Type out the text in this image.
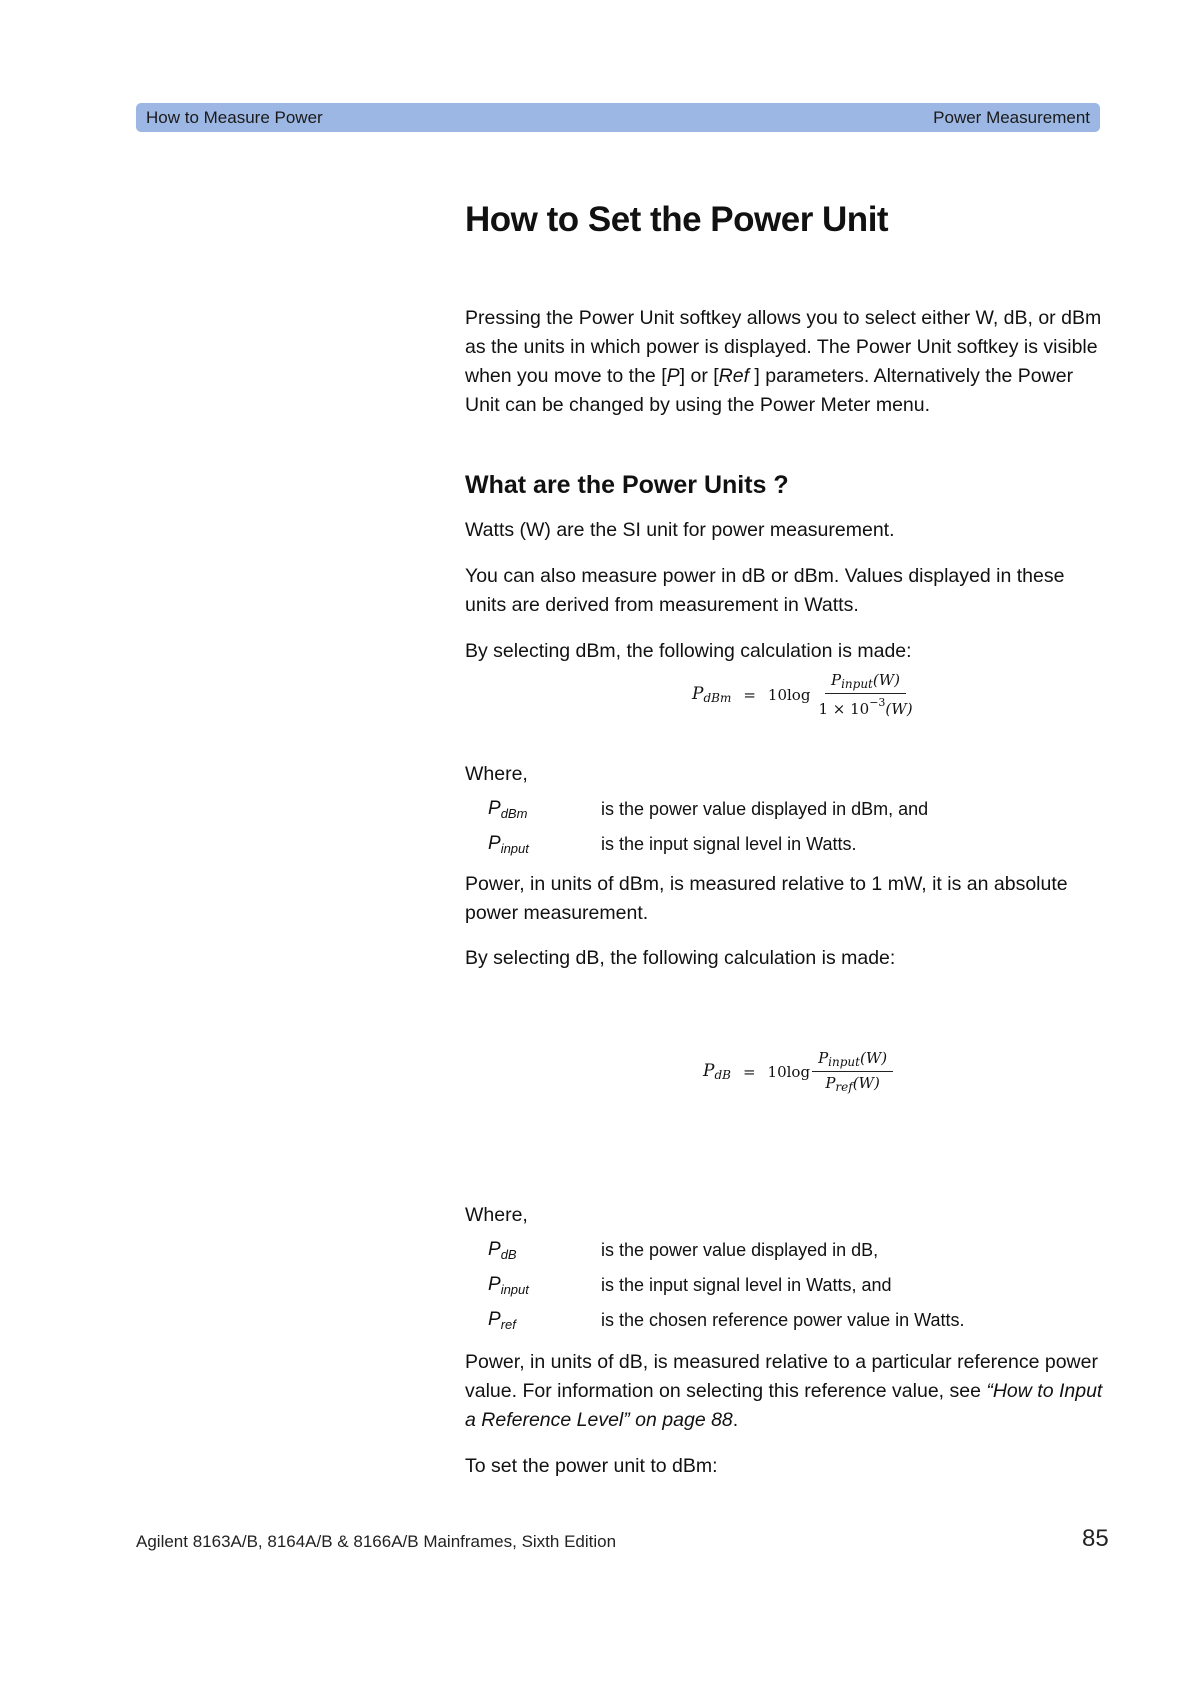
How to Measure Power	Power Measurement
How to Set the Power Unit

Pressing the Power Unit softkey allows you to select either W, dB, or dBm as the units in which power is displayed. The Power Unit softkey is visible when you move to the [P] or [Ref ] parameters. Alternatively the Power Unit can be changed by using the Power Meter menu.

What are the Power Units ?

Watts (W) are the SI unit for power measurement.

You can also measure power in dB or dBm. Values displayed in these units are derived from measurement in Watts.

By selecting dBm, the following calculation is made:

$P_{dBm} = 10\log \frac{P_{input}(W)}{1 \times 10^{-3}(W)}$

Where,

$P_{dBm}$	is the power value displayed in dBm, and
$P_{input}$	is the input signal level in Watts.

Power, in units of dBm, is measured relative to 1 mW, it is an absolute power measurement.

By selecting dB, the following calculation is made:

$P_{dB} = 10\log \frac{P_{input}(W)}{P_{ref}(W)}$

Where,

$P_{dB}$	is the power value displayed in dB,
$P_{input}$	is the input signal level in Watts, and
$P_{ref}$	is the chosen reference power value in Watts.

Power, in units of dB, is measured relative to a particular reference power value. For information on selecting this reference value, see “How to Input a Reference Level” on page 88.

To set the power unit to dBm:

Agilent 8163A/B, 8164A/B & 8166A/B Mainframes, Sixth Edition	85
